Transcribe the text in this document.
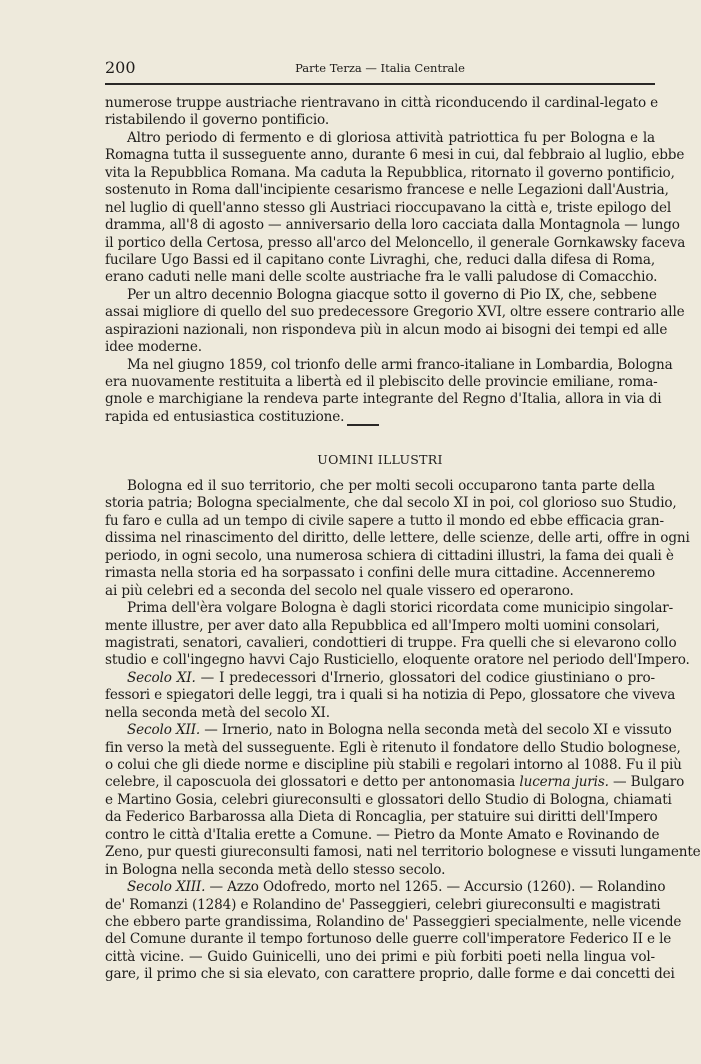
200	Parte Terza — Italia Centrale
numerose truppe austriache rientravano in città riconducendo il cardinal-legato e
ristabilendo il governo pontificio.
Altro periodo di fermento e di gloriosa attività patriottica fu per Bologna e la
Romagna tutta il susseguente anno, durante 6 mesi in cui, dal febbraio al luglio, ebbe
vita la Repubblica Romana. Ma caduta la Repubblica, ritornato il governo pontificio,
sostenuto in Roma dall'incipiente cesarismo francese e nelle Legazioni dall'Austria,
nel luglio di quell'anno stesso gli Austriaci rioccupavano la città e, triste epilogo del
dramma, all'8 di agosto — anniversario della loro cacciata dalla Montagnola — lungo
il portico della Certosa, presso all'arco del Meloncello, il generale Gornkawsky faceva
fucilare Ugo Bassi ed il capitano conte Livraghi, che, reduci dalla difesa di Roma,
erano caduti nelle mani delle scolte austriache fra le valli paludose di Comacchio.
Per un altro decennio Bologna giacque sotto il governo di Pio IX, che, sebbene
assai migliore di quello del suo predecessore Gregorio XVI, oltre essere contrario alle
aspirazioni nazionali, non rispondeva più in alcun modo ai bisogni dei tempi ed alle
idee moderne.
Ma nel giugno 1859, col trionfo delle armi franco-italiane in Lombardia, Bologna
era nuovamente restituita a libertà ed il plebiscito delle provincie emiliane, roma-
gnole e marchigiane la rendeva parte integrante del Regno d'Italia, allora in via di
rapida ed entusiastica costituzione.
UOMINI ILLUSTRI
Bologna ed il suo territorio, che per molti secoli occuparono tanta parte della
storia patria; Bologna specialmente, che dal secolo XI in poi, col glorioso suo Studio,
fu faro e culla ad un tempo di civile sapere a tutto il mondo ed ebbe efficacia gran-
dissima nel rinascimento del diritto, delle lettere, delle scienze, delle arti, offre in ogni
periodo, in ogni secolo, una numerosa schiera di cittadini illustri, la fama dei quali è
rimasta nella storia ed ha sorpassato i confini delle mura cittadine. Accenneremo
ai più celebri ed a seconda del secolo nel quale vissero ed operarono.
Prima dell'èra volgare Bologna è dagli storici ricordata come municipio singolar-
mente illustre, per aver dato alla Repubblica ed all'Impero molti uomini consolari,
magistrati, senatori, cavalieri, condottieri di truppe. Fra quelli che si elevarono collo
studio e coll'ingegno havvi Cajo Rusticiello, eloquente oratore nel periodo dell'Impero.
Secolo XI. — I predecessori d'Irnerio, glossatori del codice giustiniano o pro-
fessori e spiegatori delle leggi, tra i quali si ha notizia di Pepo, glossatore che viveva
nella seconda metà del secolo XI.
Secolo XII. — Irnerio, nato in Bologna nella seconda metà del secolo XI e vissuto
fin verso la metà del susseguente. Egli è ritenuto il fondatore dello Studio bolognese,
o colui che gli diede norme e discipline più stabili e regolari intorno al 1088. Fu il più
celebre, il caposcuola dei glossatori e detto per antonomasia lucerna juris. — Bulgaro
e Martino Gosia, celebri giureconsulti e glossatori dello Studio di Bologna, chiamati
da Federico Barbarossa alla Dieta di Roncaglia, per statuire sui diritti dell'Impero
contro le città d'Italia erette a Comune. — Pietro da Monte Amato e Rovinando de
Zeno, pur questi giureconsulti famosi, nati nel territorio bolognese e vissuti lungamente
in Bologna nella seconda metà dello stesso secolo.
Secolo XIII. — Azzo Odofredo, morto nel 1265. — Accursio (1260). — Rolandino
de' Romanzi (1284) e Rolandino de' Passeggieri, celebri giureconsulti e magistrati
che ebbero parte grandissima, Rolandino de' Passeggieri specialmente, nelle vicende
del Comune durante il tempo fortunoso delle guerre coll'imperatore Federico II e le
città vicine. — Guido Guinicelli, uno dei primi e più forbiti poeti nella lingua vol-
gare, il primo che si sia elevato, con carattere proprio, dalle forme e dai concetti dei
